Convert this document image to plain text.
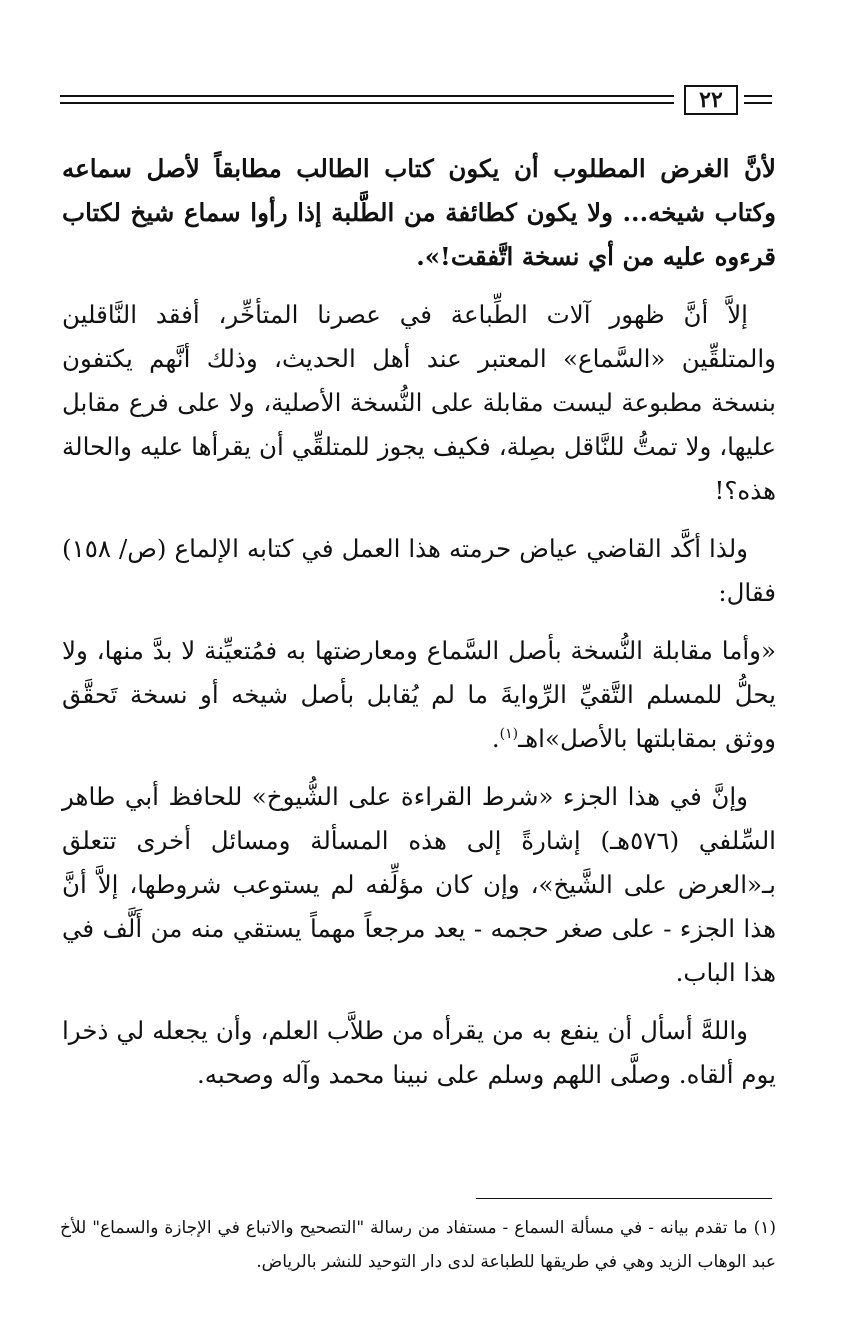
٢٢

لأنَّ الغرض المطلوب أن يكون كتاب الطالب مطابقاً لأصل سماعه وكتاب شيخه... ولا يكون كطائفة من الطَّلبة إذا رأوا سماع شيخ لكتاب قرءوه عليه من أي نسخة اتَّفقت!».

إلاَّ أنَّ ظهور آلات الطِّباعة في عصرنا المتأخِّر، أفقد النَّاقلين والمتلقِّين «السَّماع» المعتبر عند أهل الحديث، وذلك أنَّهم يكتفون بنسخة مطبوعة ليست مقابلة على النُّسخة الأصلية، ولا على فرع مقابل عليها، ولا تمتُّ للنَّاقل بصِلة، فكيف يجوز للمتلقِّي أن يقرأها عليه والحالة هذه؟!

ولذا أكَّد القاضي عياض حرمته هذا العمل في كتابه الإلماع (ص/ ١٥٨) فقال:

«وأما مقابلة النُّسخة بأصل السَّماع ومعارضتها به فمُتعيِّنة لا بدَّ منها، ولا يحلُّ للمسلم التَّقيِّ الرِّوايةَ ما لم يُقابل بأصل شيخه أو نسخة تَحقَّق ووثق بمقابلتها بالأصل»اهـ$^{(١)}$.

وإنَّ في هذا الجزء «شرط القراءة على الشُّيوخ» للحافظ أبي طاهر السِّلفي (٥٧٦هـ) إشارةً إلى هذه المسألة ومسائل أخرى تتعلق بـ«العرض على الشَّيخ»، وإن كان مؤلِّفه لم يستوعب شروطها، إلاَّ أنَّ هذا الجزء - على صغر حجمه - يعد مرجعاً مهماً يستقي منه من أَلَّف في هذا الباب.

واللهَّ أسأل أن ينفع به من يقرأه من طلاَّب العلم، وأن يجعله لي ذخرا يوم ألقاه. وصلَّى اللهم وسلم على نبينا محمد وآله وصحبه.

(١) ما تقدم بيانه - في مسألة السماع - مستفاد من رسالة "التصحيح والاتباع في الإجازة والسماع" للأخ عبد الوهاب الزيد وهي في طريقها للطباعة لدى دار التوحيد للنشر بالرياض.
